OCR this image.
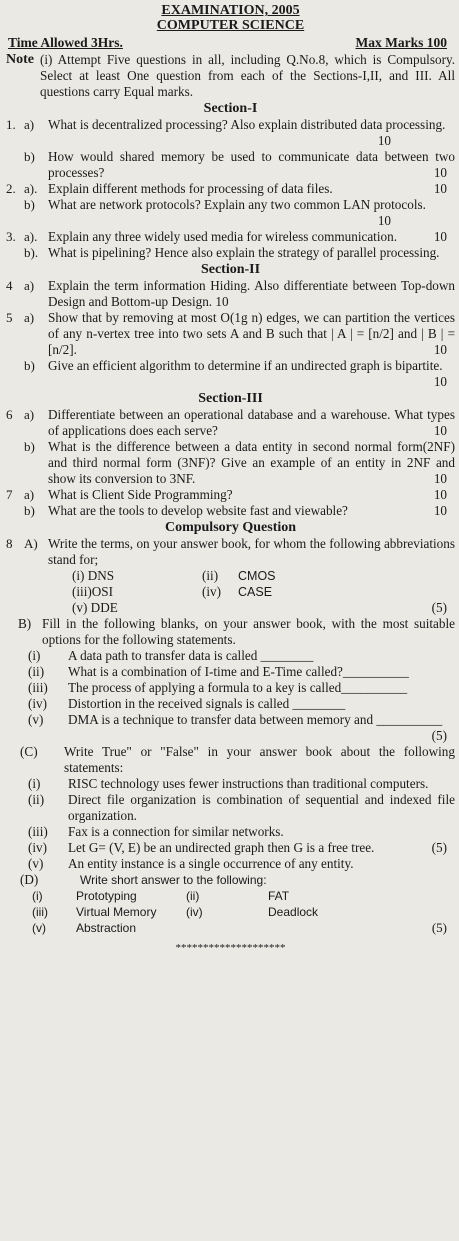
EXAMINATION, 2005
COMPUTER SCIENCE
Time Allowed 3Hrs.	Max Marks 100
Note (i) Attempt Five questions in all, including Q.No.8, which is Compulsory. Select at least One question from each of the Sections-I,II, and III. All questions carry Equal marks.
Section-I
1. a)	What is decentralized processing? Also explain distributed data processing.
10
b) How would shared memory be used to communicate data between two processes?	10
2. a). Explain different methods for processing of data files.	10
b) What are network protocols? Explain any two common LAN protocols.
10
3. a). Explain any three widely used media for wireless communication.	10
b). What is pipelining? Hence also explain the strategy of parallel processing.
Section-II
4 a)	Explain the term information Hiding. Also differentiate between Top-down Design and Bottom-up Design. 10
5 a)	Show that by removing at most O(1g n) edges, we can partition the vertices of any n-vertex tree into two sets A and B such that | A | = [n/2] and | B | = [n/2].	10
b) Give an efficient algorithm to determine if an undirected graph is bipartite.
10
Section-III
6 a)	Differentiate between an operational database and a warehouse. What types of applications does each serve?	10
b) What is the difference between a data entity in second normal form(2NF) and third normal form (3NF)? Give an example of an entity in 2NF and show its conversion to 3NF.	10
7 a)	What is Client Side Programming?	10
b) What are the tools to develop website fast and viewable?	10
Compulsory Question
8 A) Write the terms, on your answer book, for whom the following abbreviations stand for;
(i) DNS	(ii)	CMOS
(iii)OSI	(iv)	CASE
(v) DDE	(5)
B) Fill in the following blanks, on your answer book, with the most suitable options for the following statements.
(i)	A data path to transfer data is called ________
(ii)	What is a combination of I-time and E-Time called?__________
(iii)	The process of applying a formula to a key is called__________
(iv)	Distortion in the received signals is called ________
(v)	DMA is a technique to transfer data between memory and __________
(5)
(C)	Write True" or "False" in your answer book about the following statements:
(i)	RISC technology uses fewer instructions than traditional computers.
(ii)	Direct file organization is combination of sequential and indexed file organization.
(iii)	Fax is a connection for similar networks.
(iv)	Let G= (V, E) be an undirected graph then G is a free tree.	(5)
(v)	An entity instance is a single occurrence of any entity.
(D)	Write short answer to the following:
(i)	Prototyping	(ii)	FAT
(iii)	Virtual Memory	(iv)	Deadlock
(v)	Abstraction	(5)
********************
